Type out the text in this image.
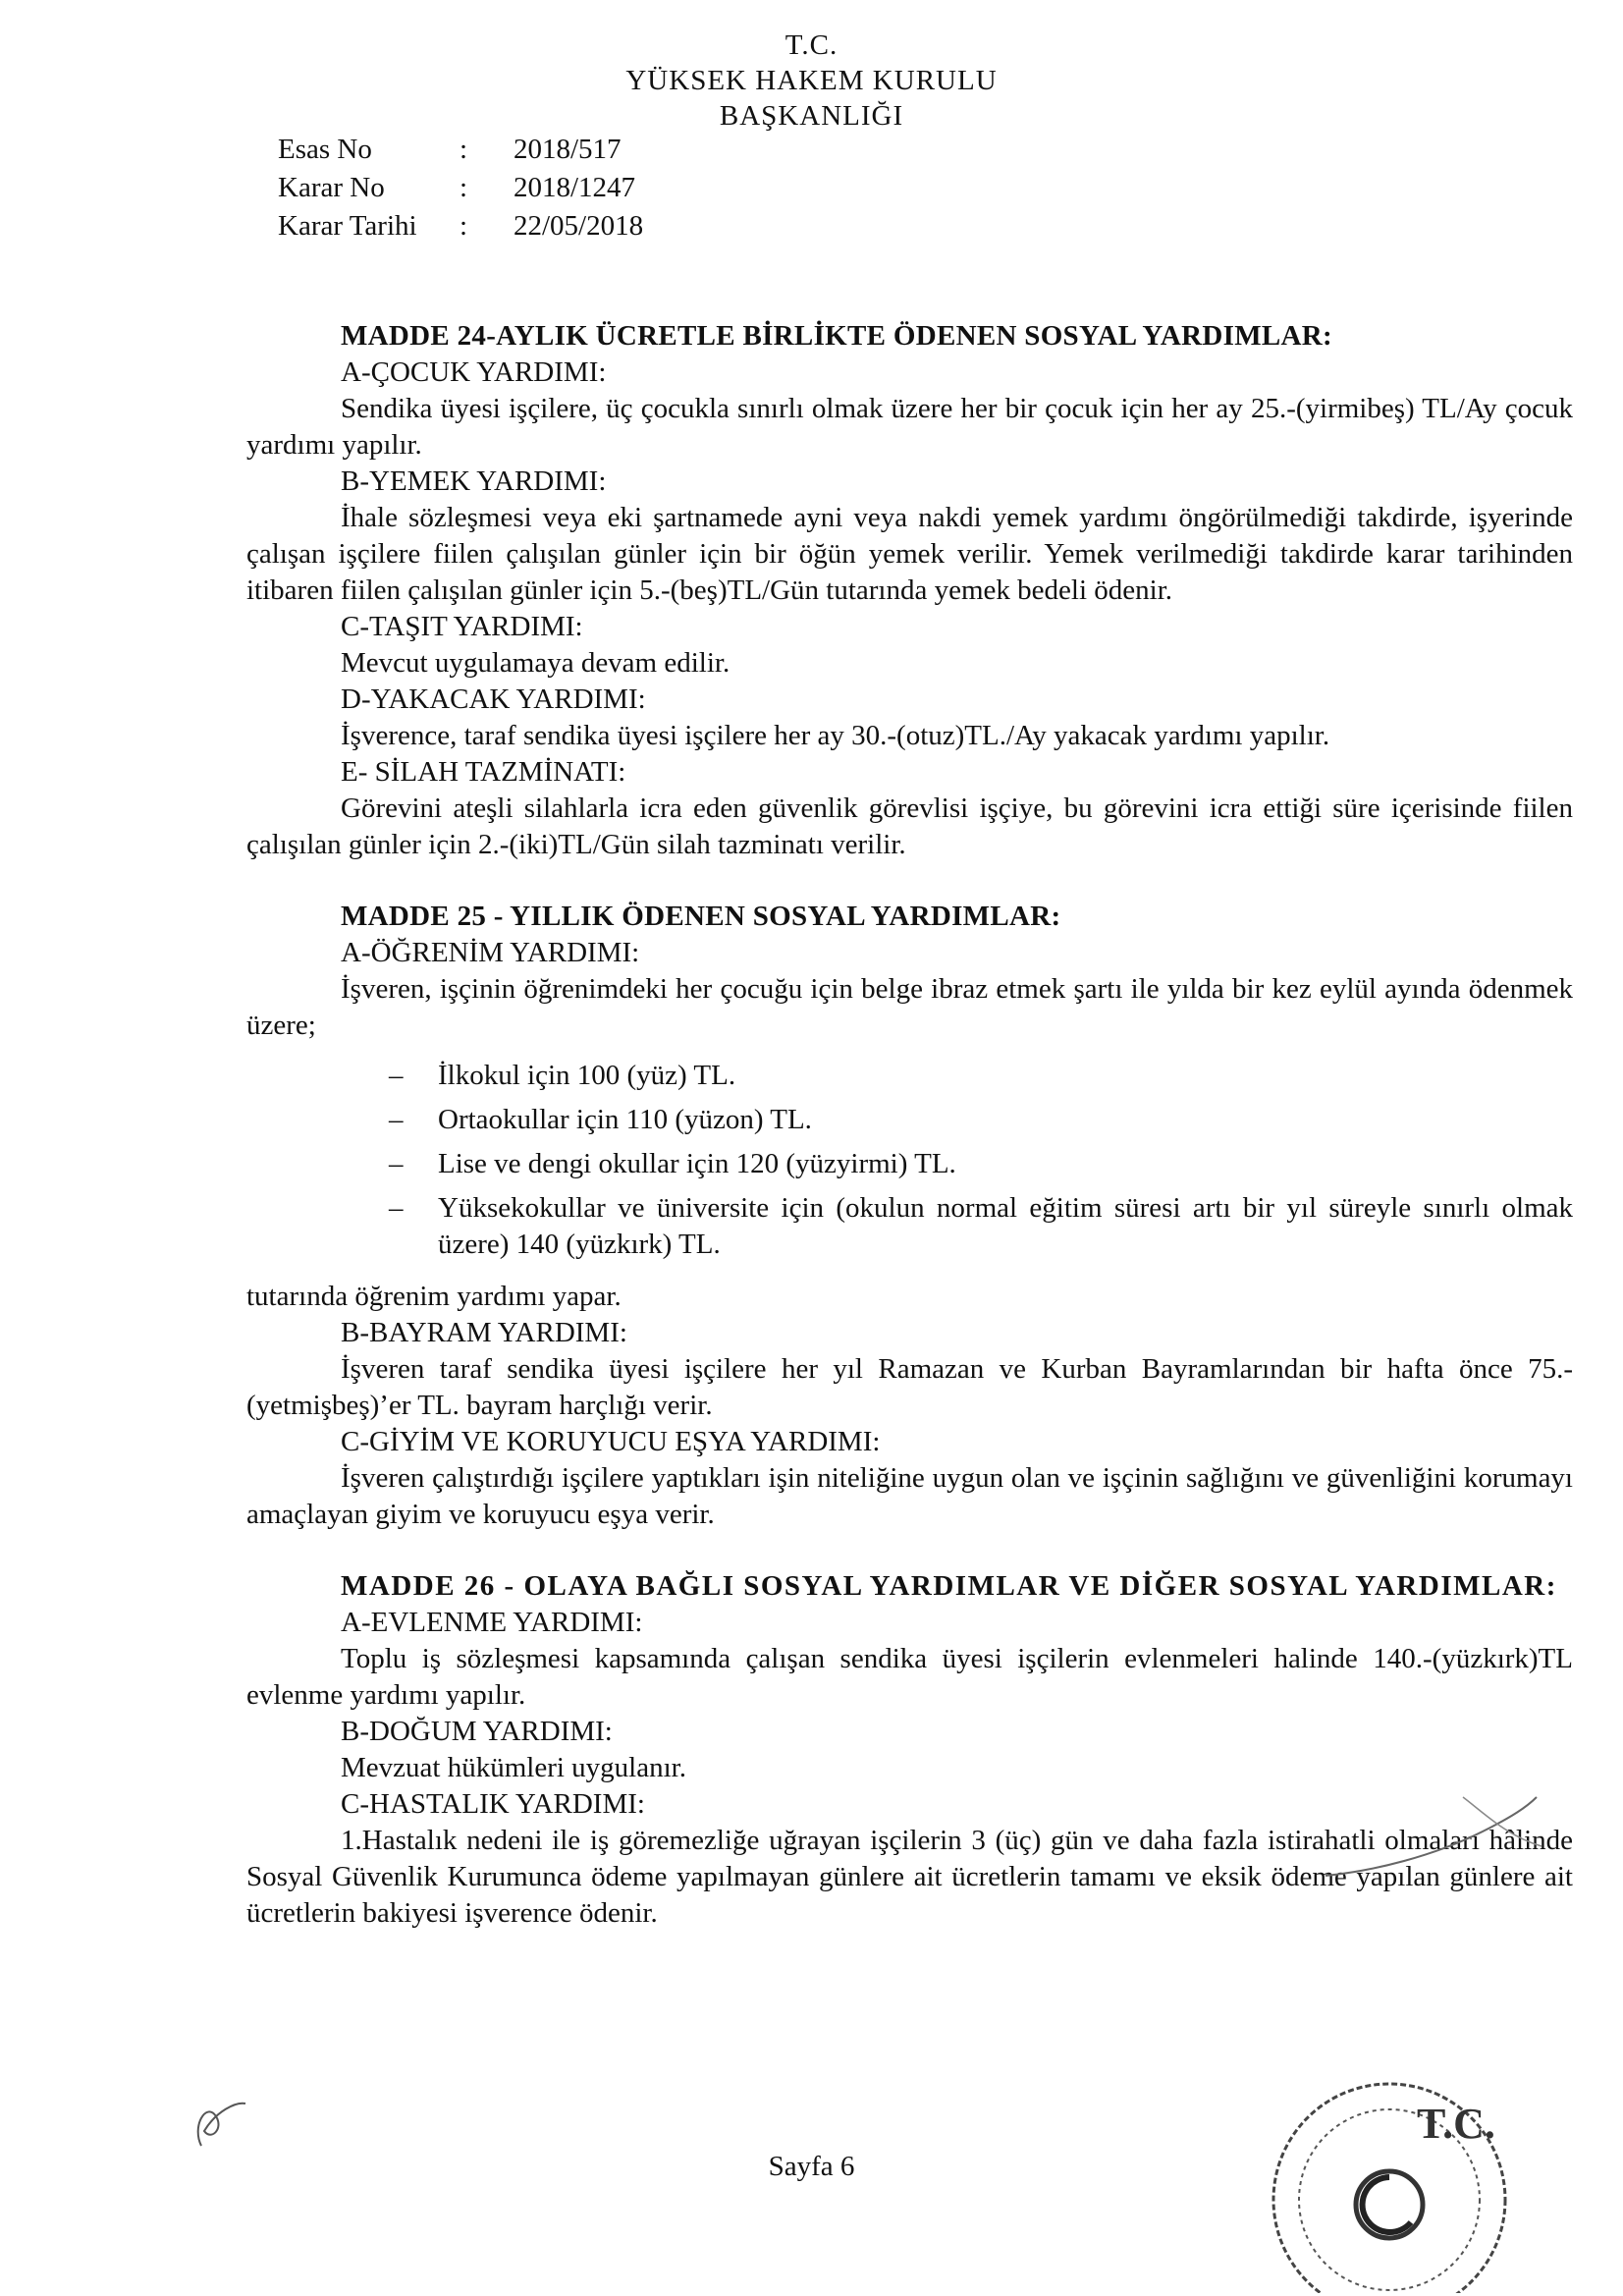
T.C.
YÜKSEK HAKEM KURULU
BAŞKANLIĞI
Esas No	:	2018/517
Karar No	:	2018/1247
Karar Tarihi	:	22/05/2018

MADDE 24-AYLIK ÜCRETLE BİRLİKTE ÖDENEN SOSYAL YARDIMLAR:

A-ÇOCUK YARDIMI:

Sendika üyesi işçilere, üç çocukla sınırlı olmak üzere her bir çocuk için her ay 25.-(yirmibeş) TL/Ay çocuk yardımı yapılır.

B-YEMEK YARDIMI:

İhale sözleşmesi veya eki şartnamede ayni veya nakdi yemek yardımı öngörülmediği takdirde, işyerinde çalışan işçilere fiilen çalışılan günler için bir öğün yemek verilir. Yemek verilmediği takdirde karar tarihinden itibaren fiilen çalışılan günler için 5.-(beş)TL/Gün tutarında yemek bedeli ödenir.

C-TAŞIT YARDIMI:

Mevcut uygulamaya devam edilir.

D-YAKACAK YARDIMI:

İşverence, taraf sendika üyesi işçilere her ay 30.-(otuz)TL./Ay yakacak yardımı yapılır.

E- SİLAH TAZMİNATI:

Görevini ateşli silahlarla icra eden güvenlik görevlisi işçiye, bu görevini icra ettiği süre içerisinde fiilen çalışılan günler için 2.-(iki)TL/Gün silah tazminatı verilir.

MADDE 25 - YILLIK ÖDENEN SOSYAL YARDIMLAR:

A-ÖĞRENİM YARDIMI:

İşveren, işçinin öğrenimdeki her çocuğu için belge ibraz etmek şartı ile yılda bir kez eylül ayında ödenmek üzere;

– İlkokul için 100 (yüz) TL.
– Ortaokullar için 110 (yüzon) TL.
– Lise ve dengi okullar için 120 (yüzyirmi) TL.
– Yüksekokullar ve üniversite için (okulun normal eğitim süresi artı bir yıl süreyle sınırlı olmak üzere) 140 (yüzkırk) TL.

tutarında öğrenim yardımı yapar.

B-BAYRAM YARDIMI:

İşveren taraf sendika üyesi işçilere her yıl Ramazan ve Kurban Bayramlarından bir hafta önce 75.-(yetmişbeş)’er TL. bayram harçlığı verir.

C-GİYİM VE KORUYUCU EŞYA YARDIMI:

İşveren çalıştırdığı işçilere yaptıkları işin niteliğine uygun olan ve işçinin sağlığını ve güvenliğini korumayı amaçlayan giyim ve koruyucu eşya verir.

MADDE 26 - OLAYA BAĞLI SOSYAL YARDIMLAR VE DİĞER SOSYAL YARDIMLAR:

A-EVLENME YARDIMI:

Toplu iş sözleşmesi kapsamında çalışan sendika üyesi işçilerin evlenmeleri halinde 140.-(yüzkırk)TL evlenme yardımı yapılır.

B-DOĞUM YARDIMI:

Mevzuat hükümleri uygulanır.

C-HASTALIK YARDIMI:

1.Hastalık nedeni ile iş göremezliğe uğrayan işçilerin 3 (üç) gün ve daha fazla istirahatli olmaları hâlinde Sosyal Güvenlik Kurumunca ödeme yapılmayan günlere ait ücretlerin tamamı ve eksik ödeme yapılan günlere ait ücretlerin bakiyesi işverence ödenir.

Sayfa 6
T.C.
